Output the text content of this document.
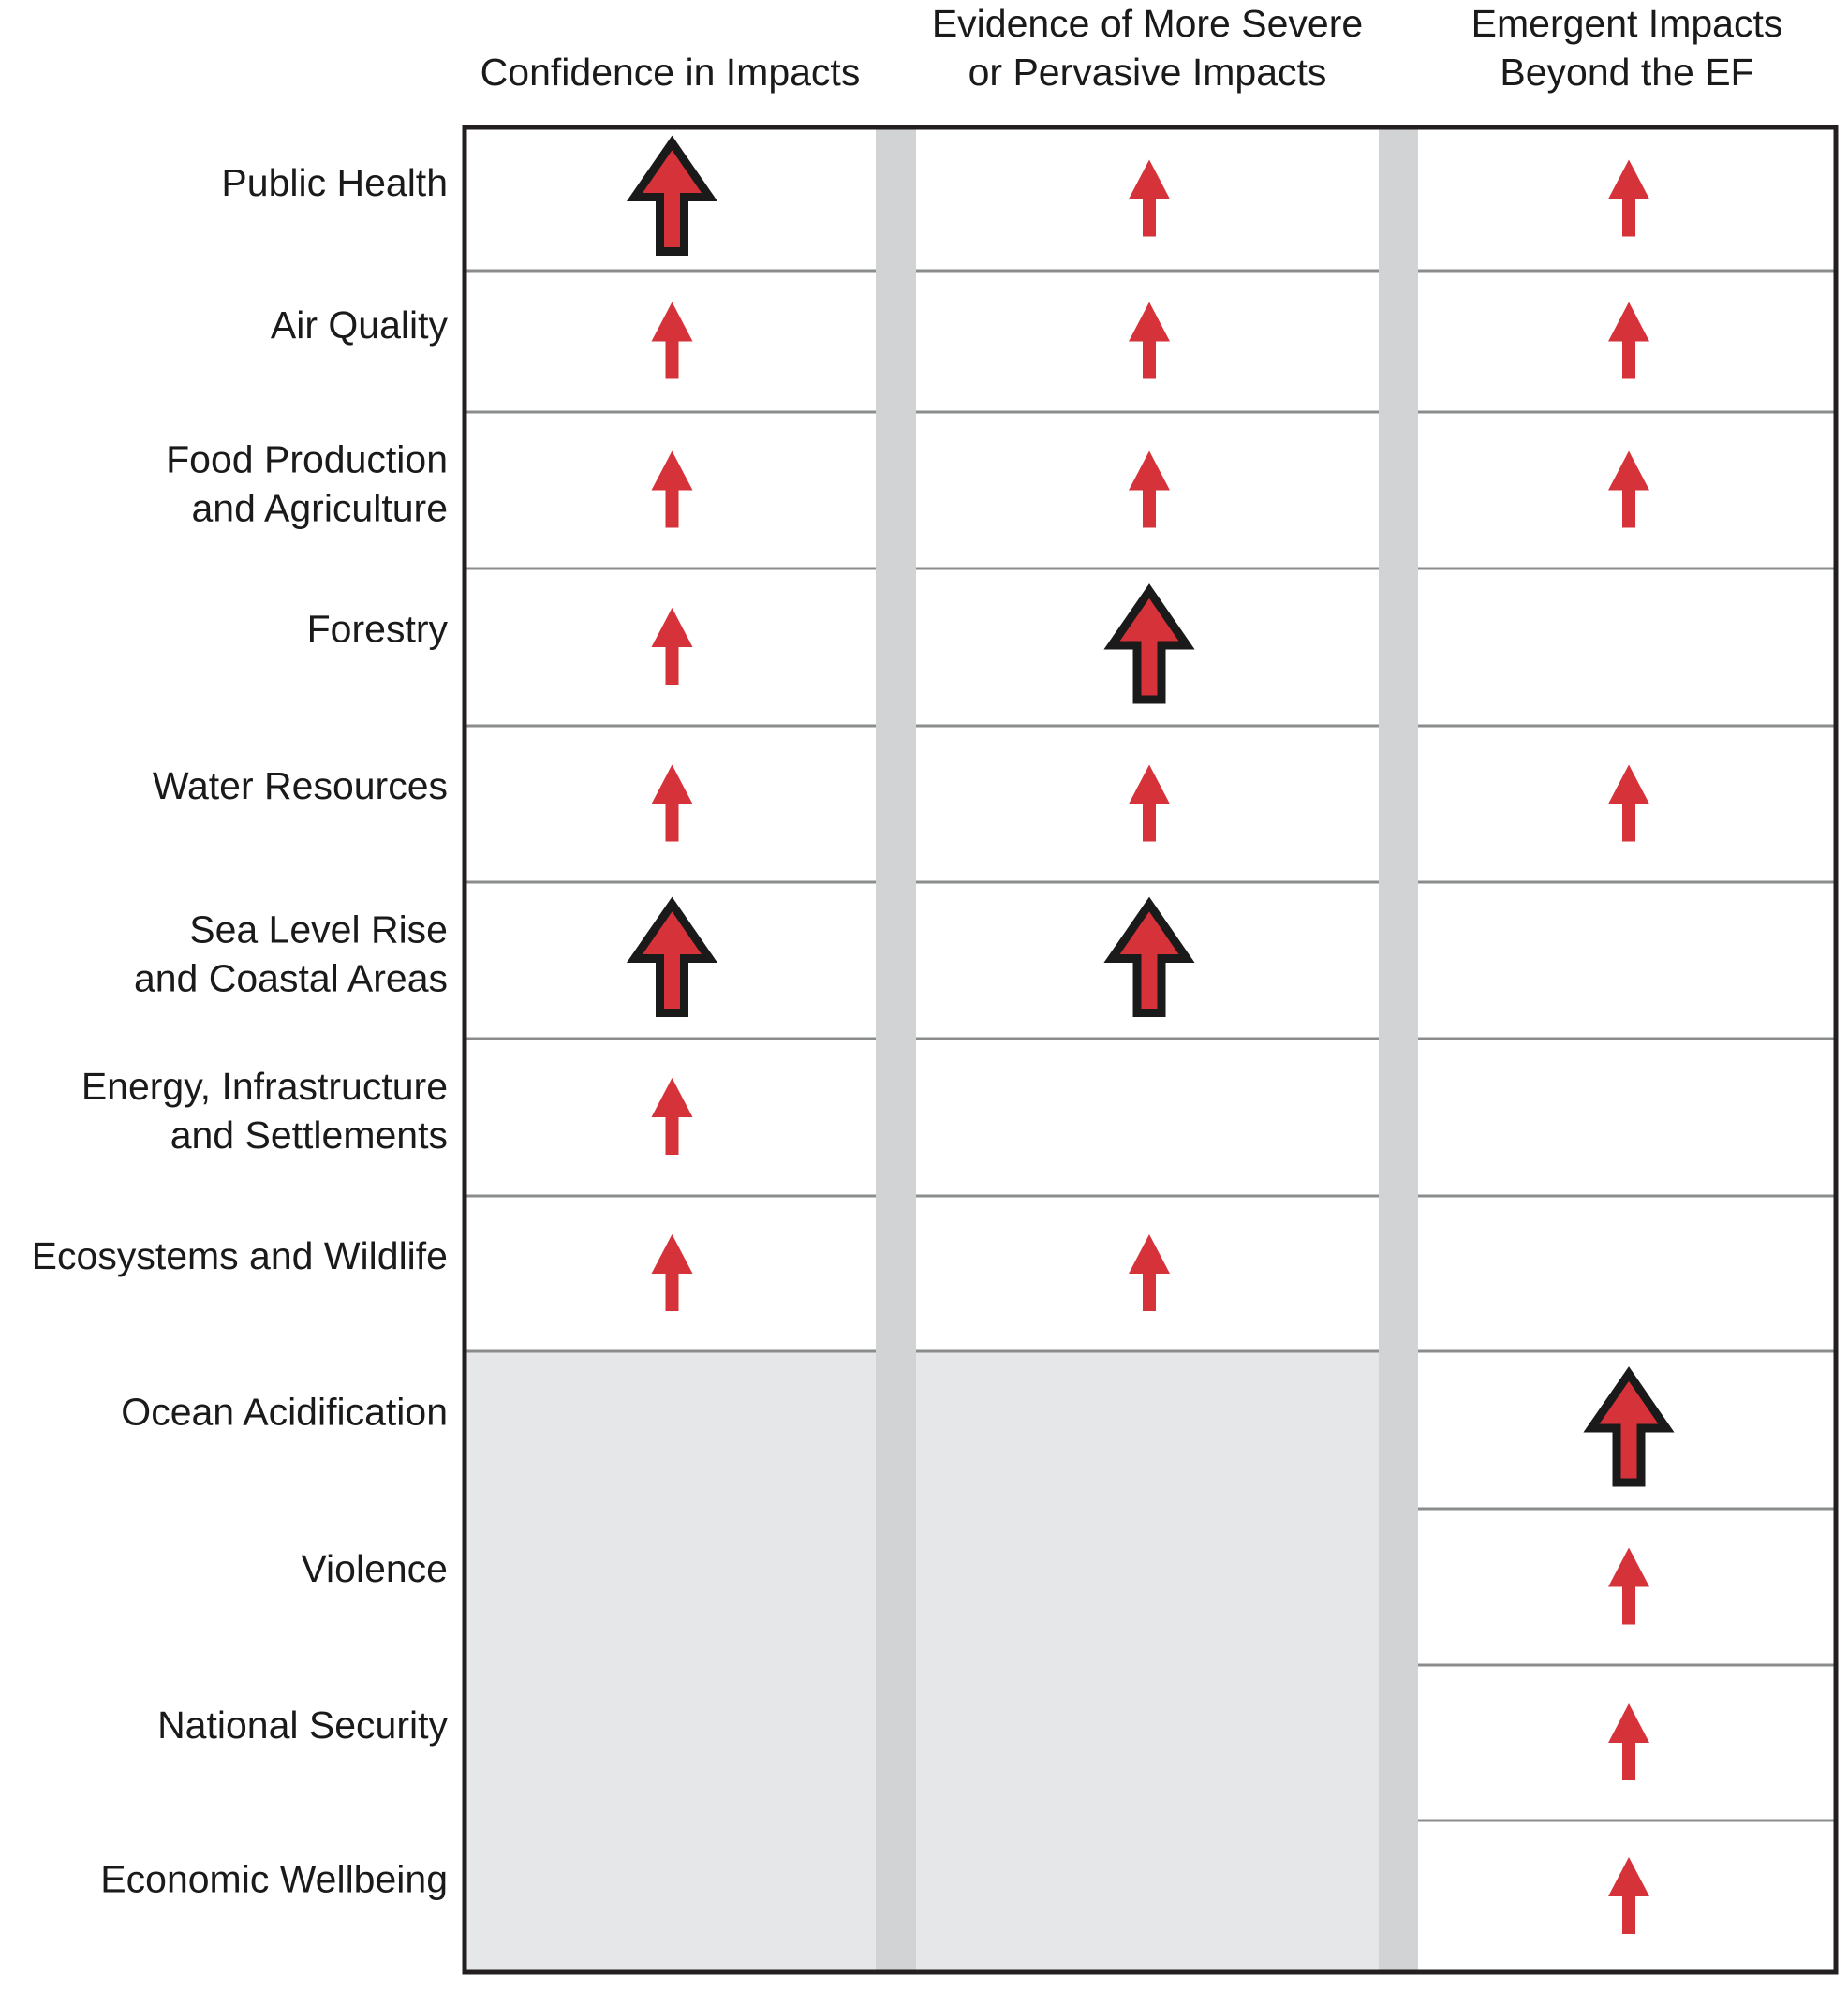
Confidence in Impacts
Evidence of More Severe or Pervasive Impacts
Emergent Impacts Beyond the EF
Public Health
Air Quality
Food Production and Agriculture
Forestry
Water Resources
Sea Level Rise and Coastal Areas
Energy, Infrastructure and Settlements
Ecosystems and Wildlife
Ocean Acidification
Violence
National Security
Economic Wellbeing
